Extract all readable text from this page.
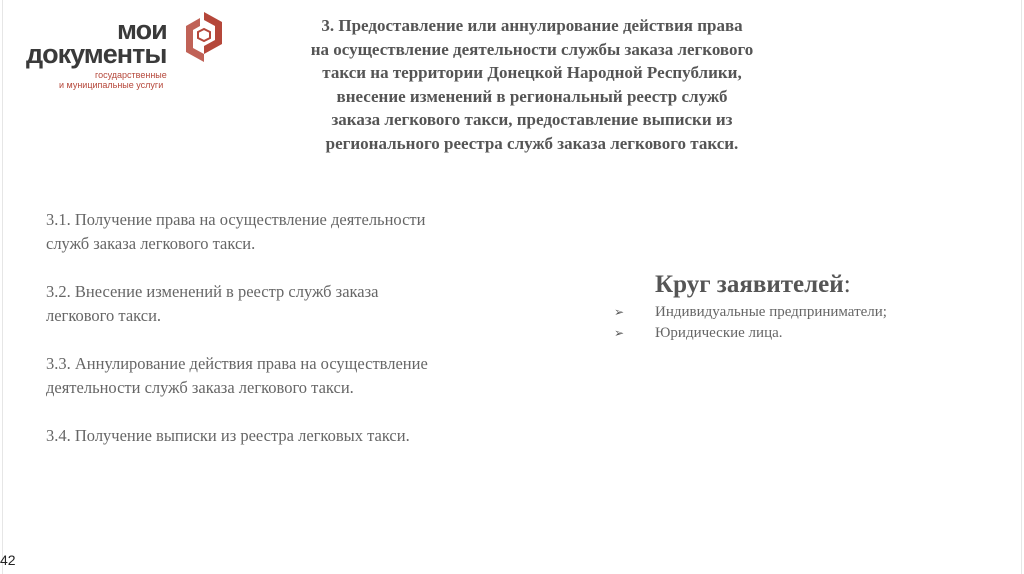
мои
документы
государственные
и муниципальные услуги
3. Предоставление или аннулирование действия права
на осуществление деятельности службы заказа легкового
такси на территории Донецкой Народной Республики,
внесение изменений в региональный реестр служб
заказа легкового такси, предоставление выписки из
регионального реестра служб заказа легкового такси.
3.1. Получение права на осуществление деятельности
служб заказа легкового такси.
3.2. Внесение изменений в реестр служб заказа
легкового такси.
3.3. Аннулирование действия права на осуществление
деятельности служб заказа легкового такси.
3.4. Получение выписки из реестра легковых такси.
Круг заявителей:
➢	Индивидуальные предприниматели;
➢	Юридические лица.
42
